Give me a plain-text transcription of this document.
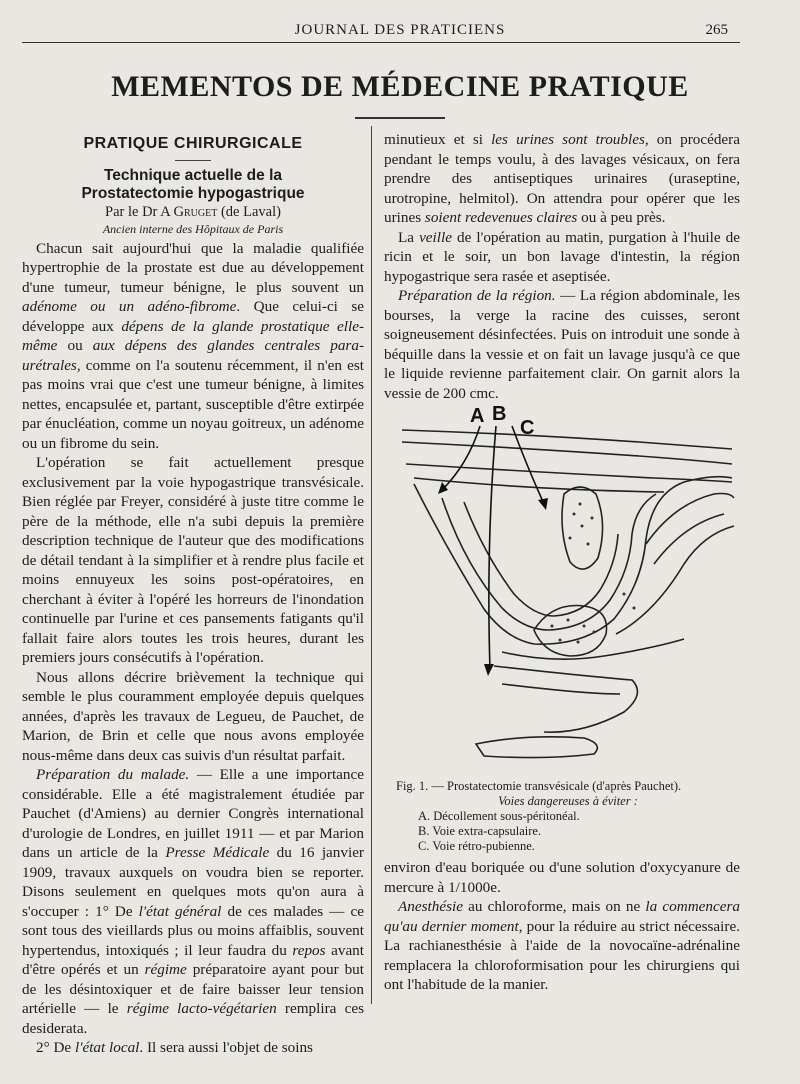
JOURNAL DES PRATICIENS	265
MEMENTOS DE MÉDECINE PRATIQUE
PRATIQUE CHIRURGICALE
Technique actuelle de la
Prostatectomie hypogastrique
Par le Dr A Gruget (de Laval)
Ancien interne des Hôpitaux de Paris

Chacun sait aujourd'hui que la maladie qualifiée hypertrophie de la prostate est due au développement d'une tumeur, tumeur bénigne, le plus souvent un adénome ou un adéno-fibrome. Que celui-ci se développe aux dépens de la glande prostatique elle-même ou aux dépens des glandes centrales para-urétrales, comme on l'a soutenu récemment, il n'en est pas moins vrai que c'est une tumeur bénigne, à limites nettes, encapsulée et, partant, susceptible d'être extirpée par énucléation, comme un noyau goitreux, un adénome ou un fibrome du sein.

L'opération se fait actuellement presque exclusivement par la voie hypogastrique transvésicale. Bien réglée par Freyer, considéré à juste titre comme le père de la méthode, elle n'a subi depuis la première description technique de l'auteur que des modifications de détail tendant à la simplifier et à rendre plus facile et moins ennuyeux les soins post-opératoires, en cherchant à éviter à l'opéré les horreurs de l'inondation continuelle par l'urine et ces pansements fatigants qu'il fallait faire alors toutes les trois heures, durant les premiers jours consécutifs à l'opération.

Nous allons décrire brièvement la technique qui semble le plus couramment employée depuis quelques années, d'après les travaux de Legueu, de Pauchet, de Marion, de Brin et celle que nous avons employée nous-même dans deux cas suivis d'un résultat parfait.

Préparation du malade. — Elle a une importance considérable. Elle a été magistralement étudiée par Pauchet (d'Amiens) au dernier Congrès international d'urologie de Londres, en juillet 1911 — et par Marion dans un article de la Presse Médicale du 16 janvier 1909, travaux auxquels on voudra bien se reporter. Disons seulement en quelques mots qu'on aura à s'occuper : 1° De l'état général de ces malades — ce sont tous des vieillards plus ou moins affaiblis, souvent hypertendus, intoxiqués ; il leur faudra du repos avant d'être opérés et un régime préparatoire ayant pour but de les désintoxiquer et de faire baisser leur tension artérielle — le régime lacto-végétarien remplira ces desiderata.

2° De l'état local. Il sera aussi l'objet de soins

minutieux et si les urines sont troubles, on procédera pendant le temps voulu, à des lavages vésicaux, on fera prendre des antiseptiques urinaires (uraseptine, urotropine, helmitol). On attendra pour opérer que les urines soient redevenues claires ou à peu près.

La veille de l'opération au matin, purgation à l'huile de ricin et le soir, un bon lavage d'intestin, la région hypogastrique sera rasée et aseptisée.

Préparation de la région. — La région abdominale, les bourses, la verge la racine des cuisses, seront soigneusement désinfectées. Puis on introduit une sonde à béquille dans la vessie et on fait un lavage jusqu'à ce que le liquide revienne parfaitement clair. On garnit alors la vessie de 200 cmc.

A B
C
Fig. 1. — Prostatectomie transvésicale (d'après Pauchet).
Voies dangereuses à éviter :
A. Décollement sous-péritonéal.
B. Voie extra-capsulaire.
C. Voie rétro-pubienne.

environ d'eau boriquée ou d'une solution d'oxycyanure de mercure à 1/1000e.

Anesthésie au chloroforme, mais on ne la commencera qu'au dernier moment, pour la réduire au strict nécessaire. La rachianesthésie à l'aide de la novocaïne-adrénaline remplacera la chloroformisation pour les chirurgiens qui ont l'habitude de la manier.
